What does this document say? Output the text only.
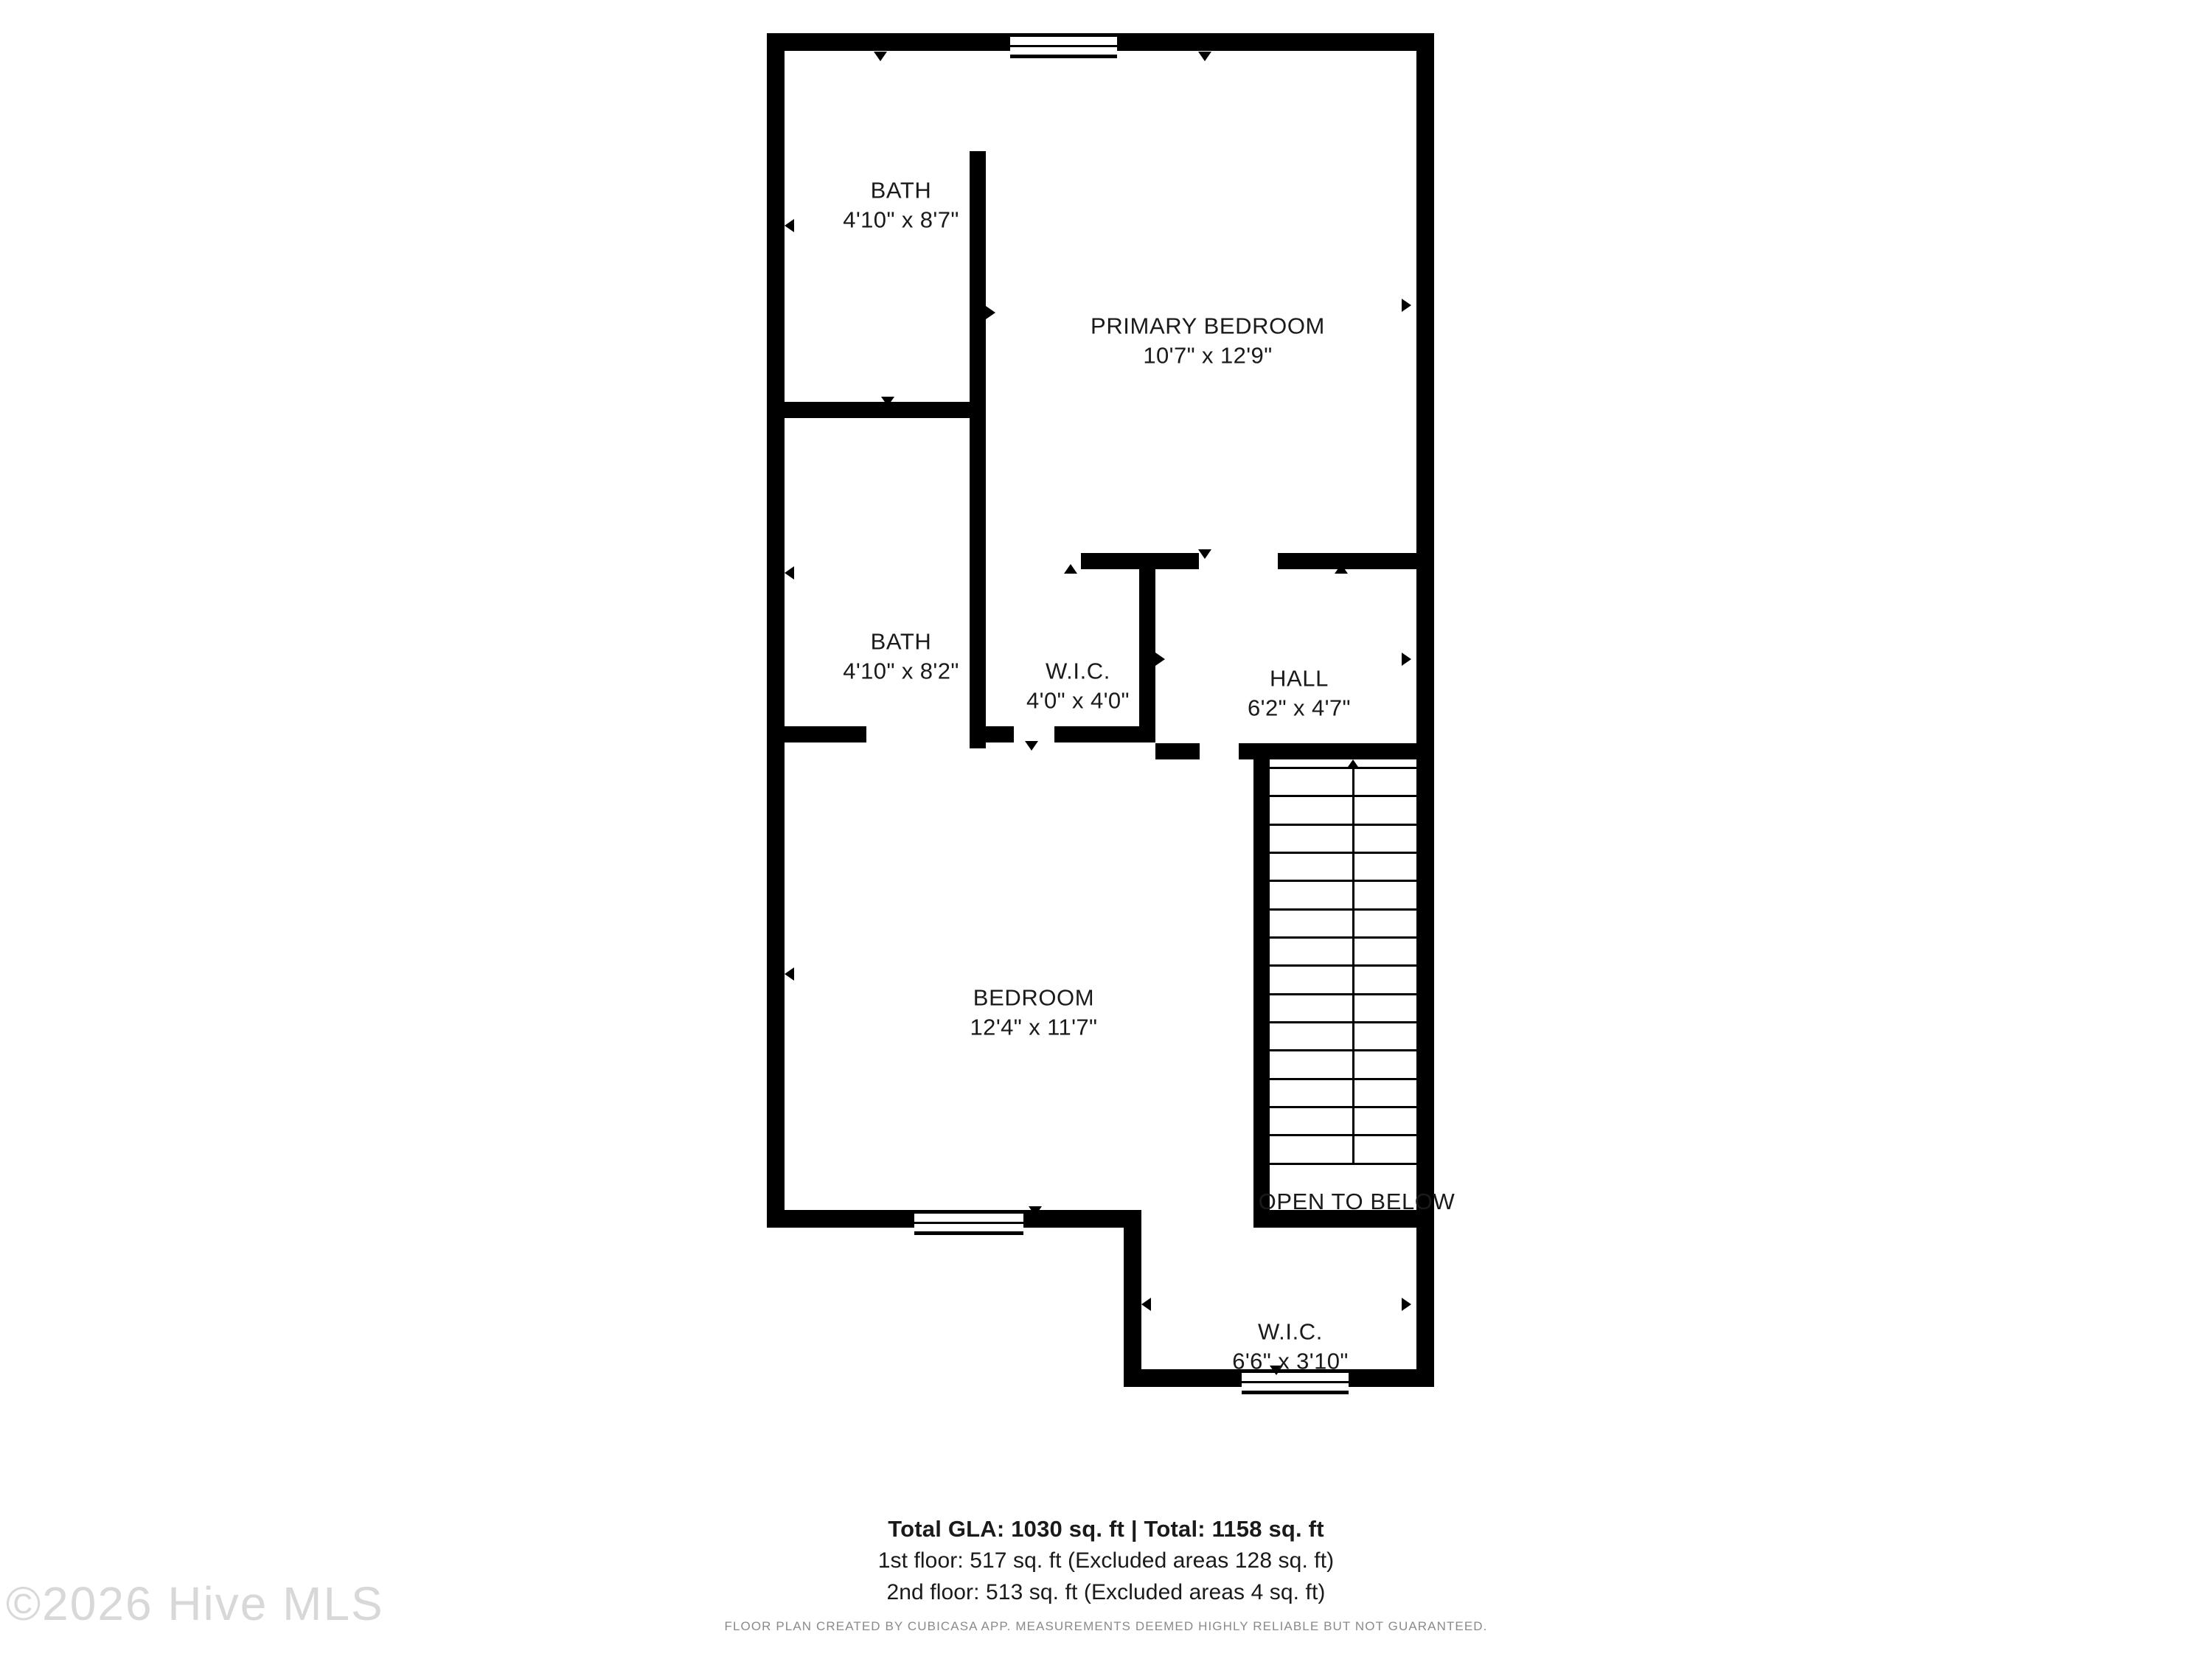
BATH
4'10" x 8'7"
PRIMARY BEDROOM
10'7" x 12'9"
BATH
4'10" x 8'2"	W.I.C.
4'0" x 4'0"
HALL
6'2" x 4'7"
BEDROOM
12'4" x 11'7"
W.I.C.
6'6" x 3'10"
OPEN TO BELOW
Total GLA: 1030 sq. ft | Total: 1158 sq. ft
1st floor: 517 sq. ft (Excluded areas 128 sq. ft)
2nd floor: 513 sq. ft (Excluded areas 4 sq. ft)
FLOOR PLAN CREATED BY CUBICASA APP. MEASUREMENTS DEEMED HIGHLY RELIABLE BUT NOT GUARANTEED.
©2026 Hive MLS
